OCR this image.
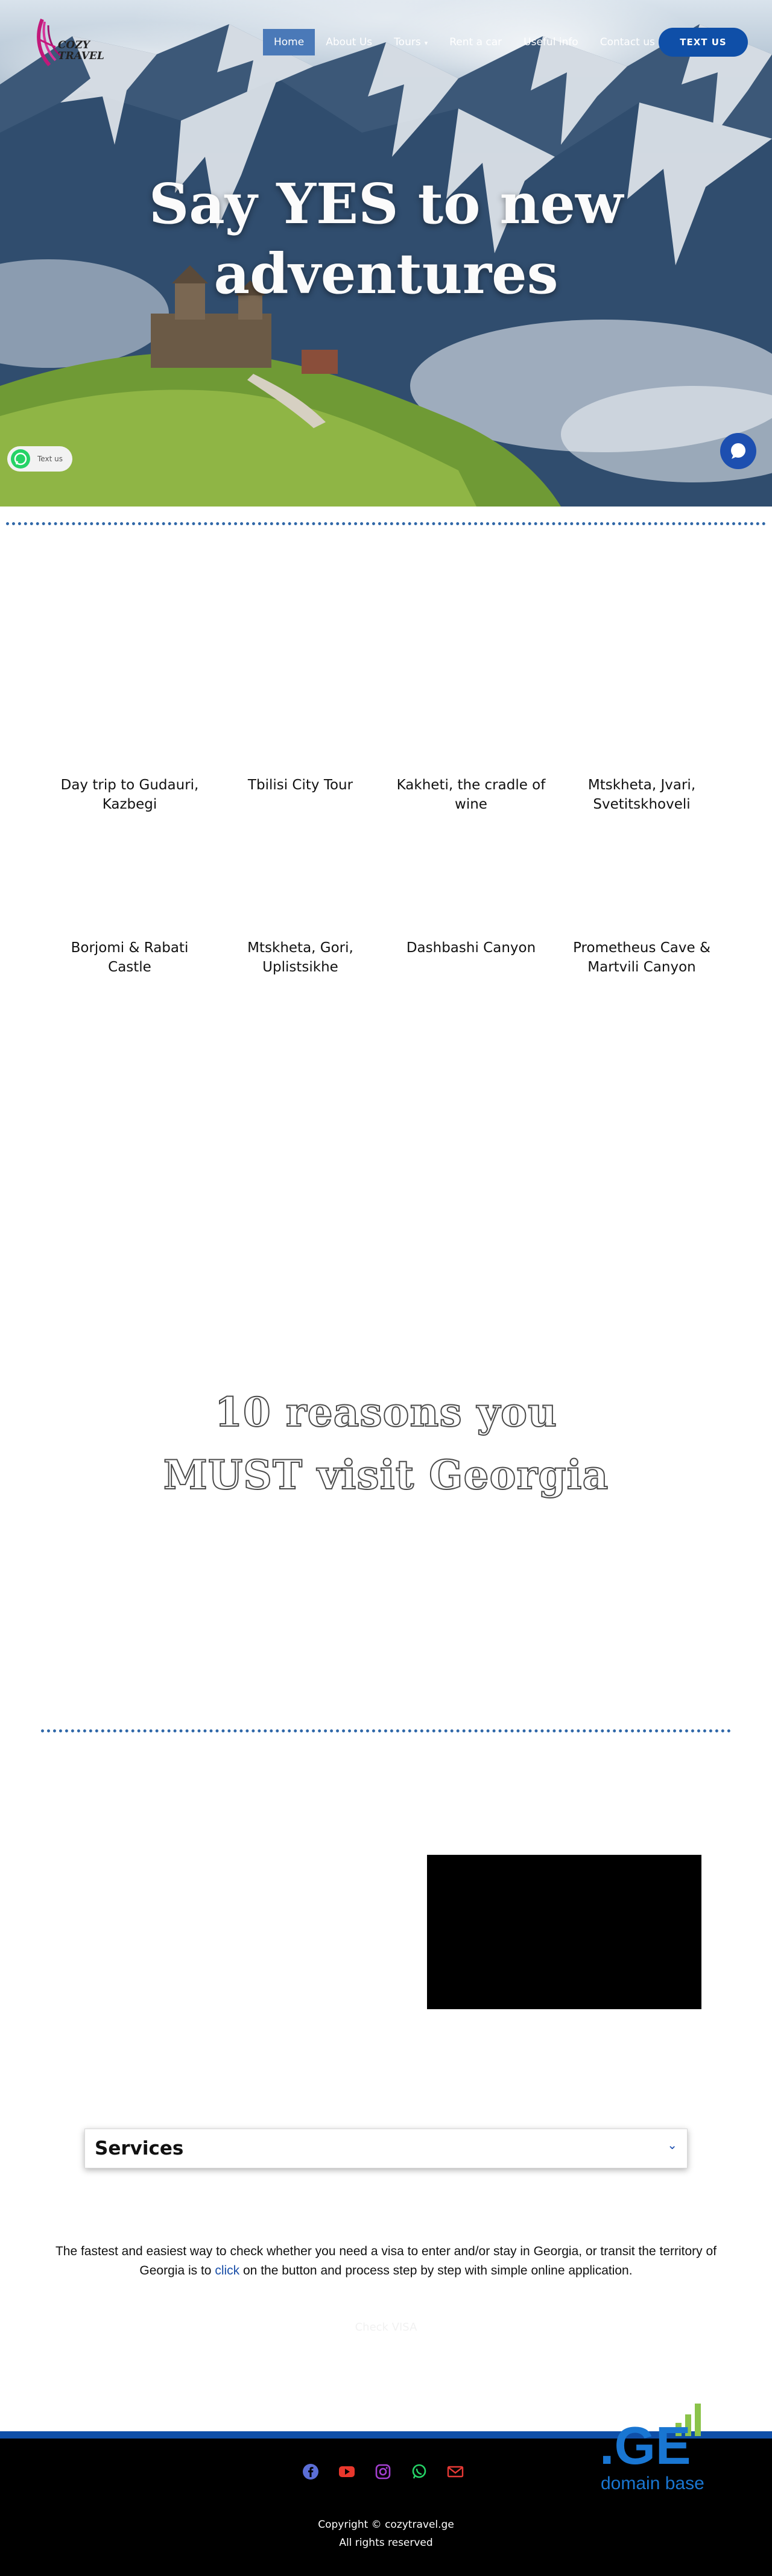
COZY
TRAVEL
Home	About Us	Tours ▾	Rent a car	Useful info	Contact us	TEXT US
Say YES to new
adventures
Text us
Day trip to Gudauri,
Kazbegi
Tbilisi City Tour	Kakheti, the cradle of
wine
Mtskheta, Jvari,
Svetitskhoveli
Borjomi & Rabati Castle
Mtskheta, Gori,
Uplistsikhe
Dashbashi Canyon	Prometheus Cave &
Martvili Canyon
10 reasons you
MUST visit Georgia
Services	⌄
The fastest and easiest way to check whether you need a visa to enter and/or stay in Georgia, or transit the territory of Georgia is to click on the button and process step by step with simple online application.
Check VISA
Copyright © cozytravel.ge
All rights reserved
.GE
domain base
